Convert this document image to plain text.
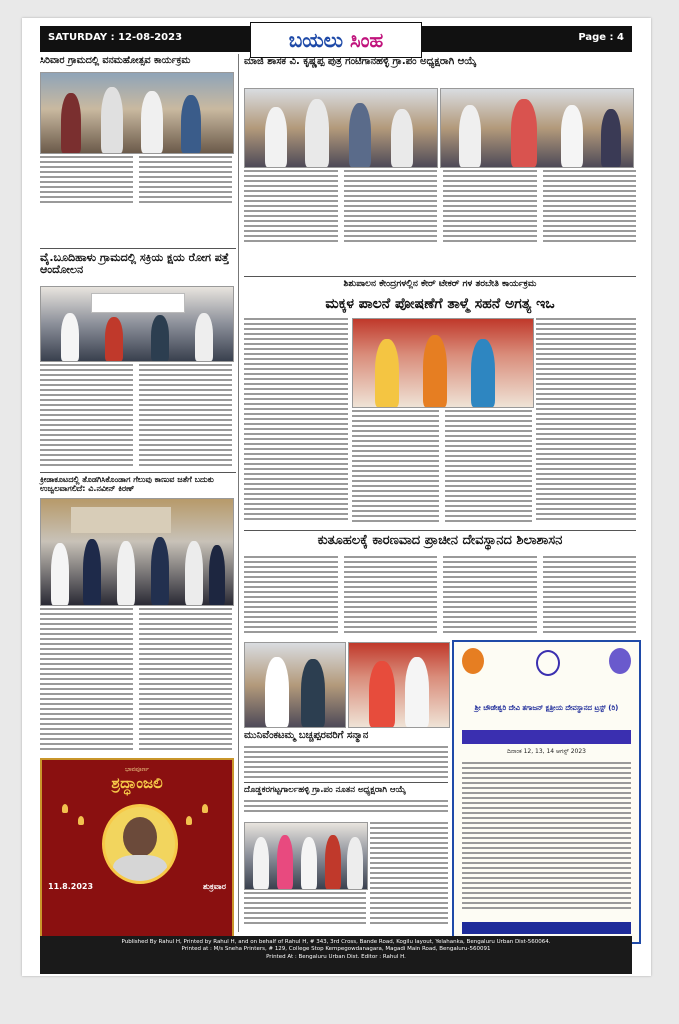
SATURDAY : 12-08-2023	ಬಯಲು ಸಿಂಹ	Page : 4
ಸಿರಿವಾರ ಗ್ರಾಮದಲ್ಲಿ ವನಮಹೋತ್ಸವ ಕಾರ್ಯಕ್ರಮ	ಮಾಜಿ ಶಾಸಕ ವಿ. ಕೃಷ್ಣಪ್ಪ ಪುತ್ರ ಗಂಟಿಗಾನಹಳ್ಳಿ ಗ್ರಾ.ಪಂ ಅಧ್ಯಕ್ಷರಾಗಿ ಆಯ್ಕೆ
ವೈ.ಬೂದಿಹಾಳು ಗ್ರಾಮದಲ್ಲಿ ಸಕ್ರಿಯ ಕ್ಷಯ ರೋಗ ಪತ್ತೆ ಆಂದೋಲನ
ಶಿಶುಪಾಲನ ಕೇಂದ್ರಗಳಲ್ಲಿನ ಕೇರ್ ಟೇಕರ್ ಗಳ ತರಬೇತಿ ಕಾರ್ಯಕ್ರಮ
ಮಕ್ಕಳ ಪಾಲನೆ ಪೋಷಣೆಗೆ ತಾಳ್ಮೆ ಸಹನೆ ಅಗತ್ಯ ಇಒ
ಕ್ರೀಡಾಕೂಟದಲ್ಲಿ ತೊಡಗಿಸಿಕೊಂಡಾಗ ಗೆಲುವು ಕಾಣುವ ಜತೆಗೆ ಬದುಕು ಉಜ್ವಲವಾಗಲಿದೆ: ವಿ.ನವೀನ್ ಕಿರಣ್
ಕುತೂಹಲಕ್ಕೆ ಕಾರಣವಾದ ಪ್ರಾಚೀನ ದೇವಸ್ಥಾನದ ಶಿಲಾಶಾಸನ
ಮುನಿವೆಂಕಟಮ್ಮ ಬಚ್ಚಪ್ಪರವರಿಗೆ ಸನ್ಮಾನ
ದೊಡ್ಡಕರಗಟ್ಟಗಾರ್ಲಹಳ್ಳಿ ಗ್ರಾ.ಪಂ ನೂತನ ಅಧ್ಯಕ್ಷರಾಗಿ ಆಯ್ಕೆ
ಭಾವಪೂರ್ಣ
ಶ್ರದ್ಧಾಂಜಲಿ
11.8.2023	ಶುಕ್ರವಾರ
ಶ್ರೀ ಚೌಡೇಶ್ವರಿ ದೇವಿ ತಗಾಜನ್ ಕ್ಷತ್ರೀಯ ದೇವಸ್ಥಾನದ ಟ್ರಸ್ಟ್ (ರಿ)
ದಿನಾಂಕ 12, 13, 14 ಆಗಸ್ಟ್ 2023
Published By Rahul H, Printed by Rahul H, and on behalf of Rahul H, # 343, 3rd Cross, Bande Road, Kogilu layout, Yelahanka, Bengaluru Urban Dist-560064.
Printed at : M/s Sneha Printers, # 129, College Stop Kempegowdanagara, Magadi Main Road, Bengaluru-560091
Printed At : Bengaluru Urban Dist. Editor : Rahul H.
